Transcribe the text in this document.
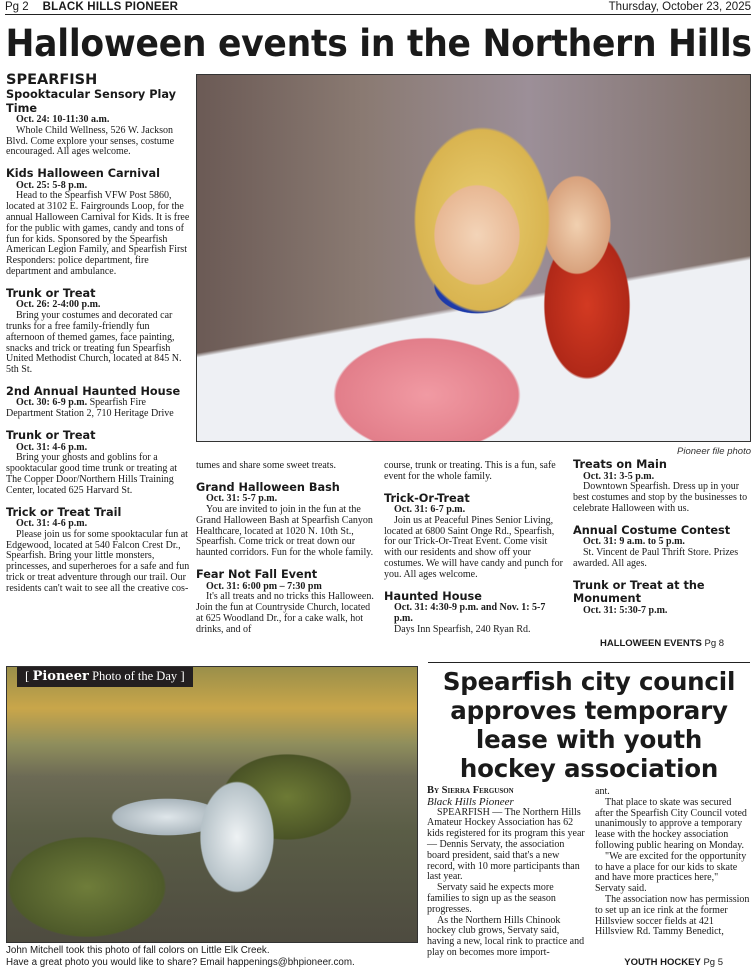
Pg 2 BLACK HILLS PIONEER	Thursday, October 23, 2025
Halloween events in the Northern Hills
SPEARFISH
Spooktacular Sensory Play Time
Oct. 24: 10-11:30 a.m.

Whole Child Wellness, 526 W. Jackson Blvd. Come explore your senses, costume encouraged. All ages welcome.

Kids Halloween Carnival
Oct. 25: 5-8 p.m.

Head to the Spearfish VFW Post 5860, located at 3102 E. Fairgrounds Loop, for the annual Halloween Carnival for Kids. It is free for the public with games, candy and tons of fun for kids. Sponsored by the Spearfish American Legion Family, and Spearfish First Responders: police department, fire department and ambulance.

Trunk or Treat
Oct. 26: 2-4:00 p.m.

Bring your costumes and decorated car trunks for a free family-friendly fun afternoon of themed games, face painting, snacks and trick or treating fun Spearfish United Methodist Church, located at 845 N. 5th St.

2nd Annual Haunted House

Oct. 30: 6-9 p.m. Spearfish Fire Department Station 2, 710 Heritage Drive

Trunk or Treat
Oct. 31: 4-6 p.m.

Bring your ghosts and goblins for a spooktacular good time trunk or treating at The Copper Door/Northern Hills Training Center, located 625 Harvard St.

Trick or Treat Trail
Oct. 31: 4-6 p.m.

Please join us for some spooktacular fun at Edgewood, located at 540 Falcon Crest Dr., Spearfish. Bring your little monsters, princesses, and superheroes for a safe and fun trick or treat adventure through our trail. Our residents can't wait to see all the creative cos-

Pioneer file photo

tumes and share some sweet treats.

Grand Halloween Bash
Oct. 31: 5-7 p.m.

You are invited to join in the fun at the Grand Halloween Bash at Spearfish Canyon Healthcare, located at 1020 N. 10th St., Spearfish. Come trick or treat down our haunted corridors. Fun for the whole family.

Fear Not Fall Event
Oct. 31: 6:00 pm – 7:30 pm

It's all treats and no tricks this Halloween. Join the fun at Countryside Church, located at 625 Woodland Dr., for a cake walk, hot drinks, and of

course, trunk or treating. This is a fun, safe event for the whole family.

Trick-Or-Treat
Oct. 31: 6-7 p.m.

Join us at Peaceful Pines Senior Living, located at 6800 Saint Onge Rd., Spearfish, for our Trick-Or-Treat Event. Come visit with our residents and show off your costumes. We will have candy and punch for you. All ages welcome.

Haunted House
Oct. 31: 4:30-9 p.m. and Nov. 1: 5-7 p.m.

Days Inn Spearfish, 240 Ryan Rd.

Treats on Main
Oct. 31: 3-5 p.m.

Downtown Spearfish. Dress up in your best costumes and stop by the businesses to celebrate Halloween with us.

Annual Costume Contest
Oct. 31: 9 a.m. to 5 p.m.

St. Vincent de Paul Thrift Store. Prizes awarded. All ages.

Trunk or Treat at the Monument
Oct. 31: 5:30-7 p.m.
HALLOWEEN EVENTS Pg 8
[ Pioneer Photo of the Day ]
John Mitchell took this photo of fall colors on Little Elk Creek.
Have a great photo you would like to share? Email happenings@bhpioneer.com.
Spearfish city council approves temporary lease with youth hockey association
By Sierra Ferguson
Black Hills Pioneer

SPEARFISH — The Northern Hills Amateur Hockey Association has 62 kids registered for its program this year — Dennis Servaty, the association board president, said that's a new record, with 10 more participants than last year.

Servaty said he expects more families to sign up as the season progresses.

As the Northern Hills Chinook hockey club grows, Servaty said, having a new, local rink to practice and play on becomes more import-

ant.

That place to skate was secured after the Spearfish City Council voted unanimously to approve a temporary lease with the hockey association following public hearing on Monday.

"We are excited for the opportunity to have a place for our kids to skate and have more practices here," Servaty said.

The association now has permission to set up an ice rink at the former Hillsview soccer fields at 421 Hillsview Rd. Tammy Benedict,

YOUTH HOCKEY Pg 5
